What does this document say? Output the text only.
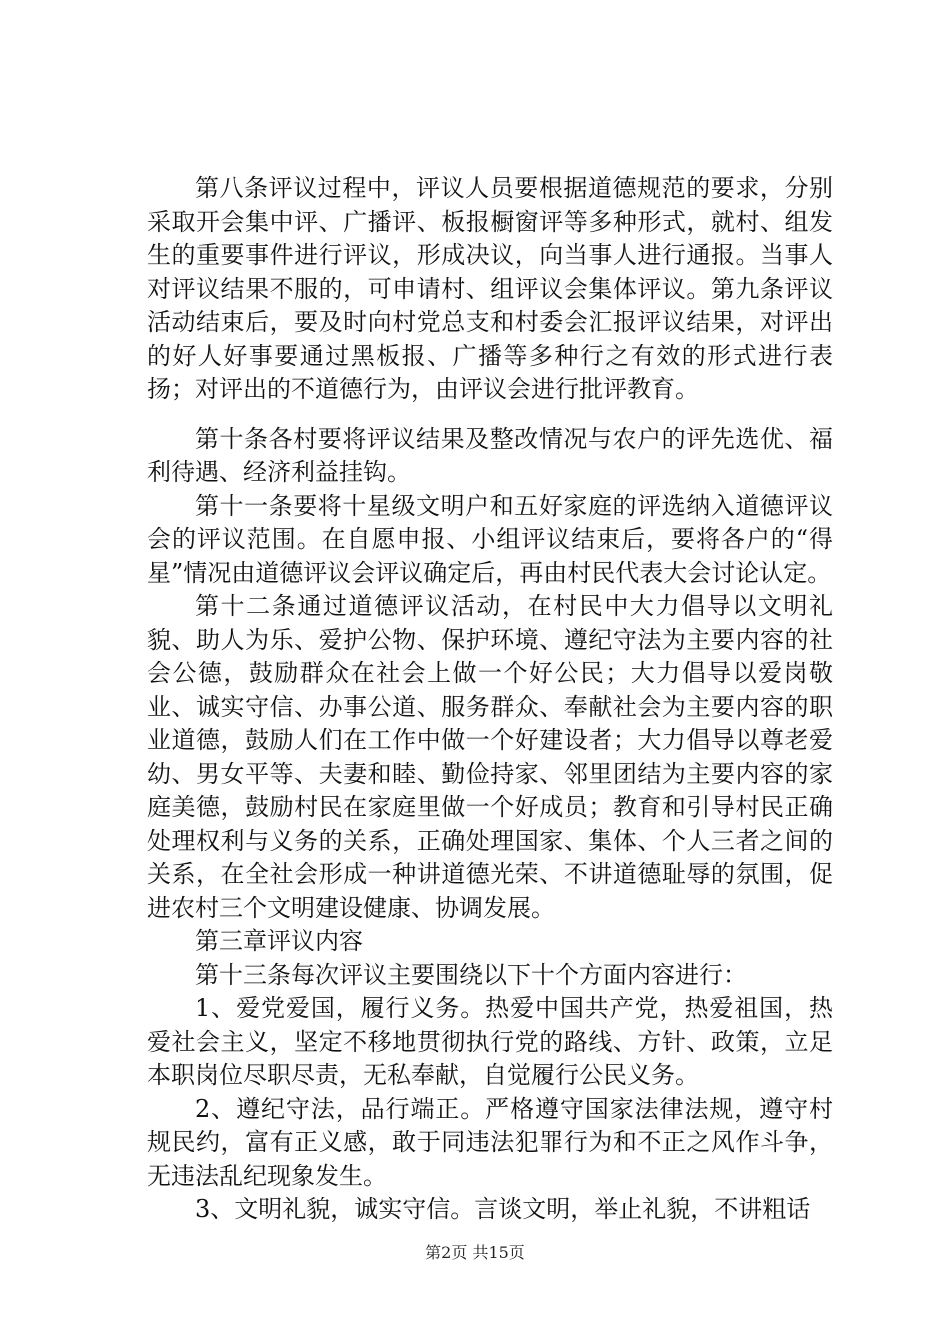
第八条评议过程中，评议人员要根据道德规范的要求，分别采取开会集中评、广播评、板报橱窗评等多种形式，就村、组发生的重要事件进行评议，形成决议，向当事人进行通报。当事人对评议结果不服的，可申请村、组评议会集体评议。第九条评议活动结束后，要及时向村党总支和村委会汇报评议结果，对评出的好人好事要通过黑板报、广播等多种行之有效的形式进行表扬；对评出的不道德行为，由评议会进行批评教育。

第十条各村要将评议结果及整改情况与农户的评先选优、福利待遇、经济利益挂钩。

第十一条要将十星级文明户和五好家庭的评选纳入道德评议会的评议范围。在自愿申报、小组评议结束后，要将各户的“得星”情况由道德评议会评议确定后，再由村民代表大会讨论认定。

第十二条通过道德评议活动，在村民中大力倡导以文明礼貌、助人为乐、爱护公物、保护环境、遵纪守法为主要内容的社会公德，鼓励群众在社会上做一个好公民；大力倡导以爱岗敬业、诚实守信、办事公道、服务群众、奉献社会为主要内容的职业道德，鼓励人们在工作中做一个好建设者；大力倡导以尊老爱幼、男女平等、夫妻和睦、勤俭持家、邻里团结为主要内容的家庭美德，鼓励村民在家庭里做一个好成员；教育和引导村民正确处理权利与义务的关系，正确处理国家、集体、个人三者之间的关系，在全社会形成一种讲道德光荣、不讲道德耻辱的氛围，促进农村三个文明建设健康、协调发展。

第三章评议内容

第十三条每次评议主要围绕以下十个方面内容进行：

1、爱党爱国，履行义务。热爱中国共产党，热爱祖国，热爱社会主义，坚定不移地贯彻执行党的路线、方针、政策，立足本职岗位尽职尽责，无私奉献，自觉履行公民义务。

2、遵纪守法，品行端正。严格遵守国家法律法规，遵守村规民约，富有正义感，敢于同违法犯罪行为和不正之风作斗争，无违法乱纪现象发生。

3、文明礼貌，诚实守信。言谈文明，举止礼貌，不讲粗话

第2页 共15页
